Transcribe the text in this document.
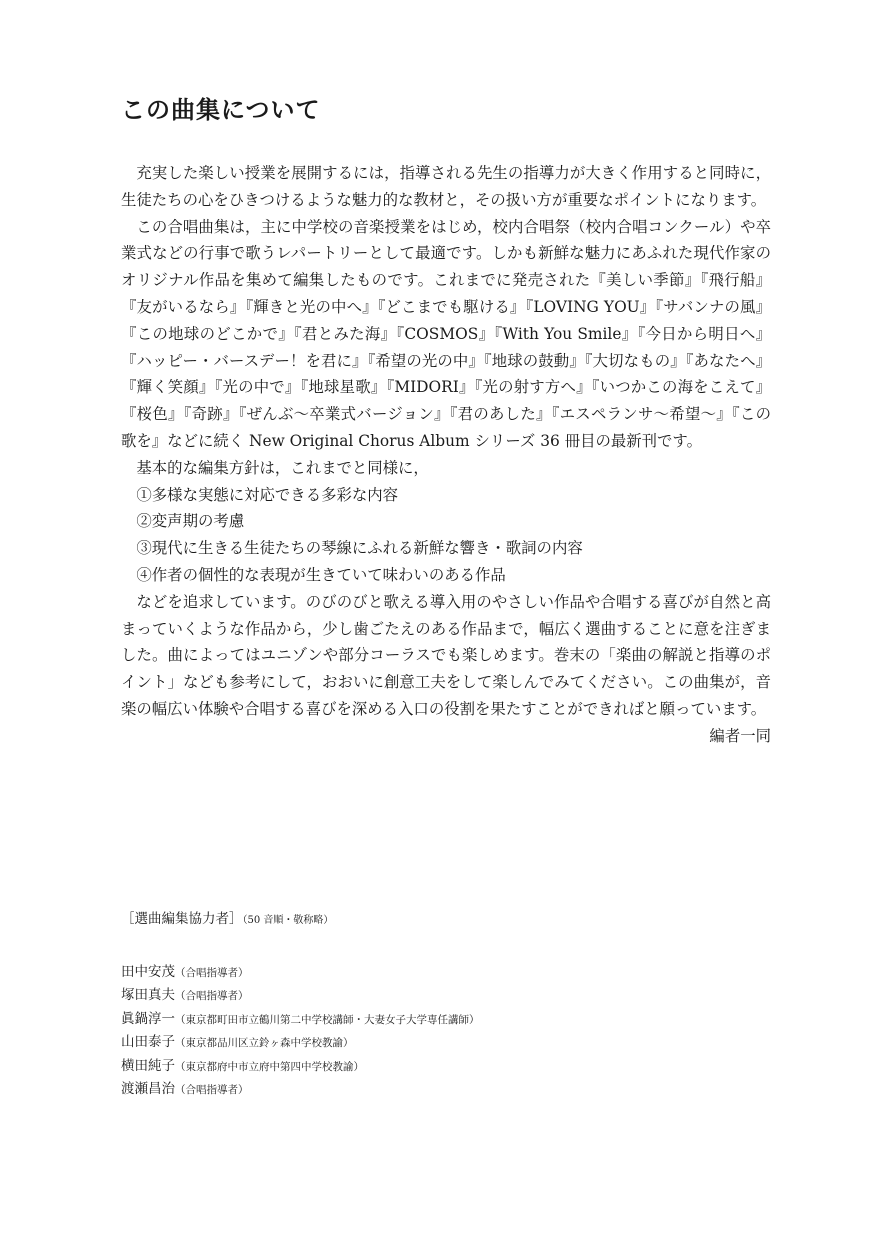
この曲集について

充実した楽しい授業を展開するには，指導される先生の指導力が大きく作用すると同時に，生徒たちの心をひきつけるような魅力的な教材と，その扱い方が重要なポイントになります。

この合唱曲集は，主に中学校の音楽授業をはじめ，校内合唱祭（校内合唱コンクール）や卒業式などの行事で歌うレパートリーとして最適です。しかも新鮮な魅力にあふれた現代作家のオリジナル作品を集めて編集したものです。これまでに発売された『美しい季節』『飛行船』『友がいるなら』『輝きと光の中へ』『どこまでも駆ける』『LOVING YOU』『サバンナの風』『この地球のどこかで』『君とみた海』『COSMOS』『With You Smile』『今日から明日へ』『ハッピー・バースデー！を君に』『希望の光の中』『地球の鼓動』『大切なもの』『あなたへ』『輝く笑顔』『光の中で』『地球星歌』『MIDORI』『光の射す方へ』『いつかこの海をこえて』『桜色』『奇跡』『ぜんぶ～卒業式バージョン』『君のあした』『エスペランサ～希望～』『この歌を』などに続く New Original Chorus Album シリーズ 36 冊目の最新刊です。

基本的な編集方針は，これまでと同様に，

①多様な実態に対応できる多彩な内容

②変声期の考慮

③現代に生きる生徒たちの琴線にふれる新鮮な響き・歌詞の内容

④作者の個性的な表現が生きていて味わいのある作品

などを追求しています。のびのびと歌える導入用のやさしい作品や合唱する喜びが自然と高まっていくような作品から，少し歯ごたえのある作品まで，幅広く選曲することに意を注ぎました。曲によってはユニゾンや部分コーラスでも楽しめます。巻末の「楽曲の解説と指導のポイント」なども参考にして，おおいに創意工夫をして楽しんでみてください。この曲集が，音楽の幅広い体験や合唱する喜びを深める入口の役割を果たすことができればと願っています。

編者一同

［選曲編集協力者］（50 音順・敬称略）
田中安茂（合唱指導者）
塚田真夫（合唱指導者）
眞鍋淳一（東京都町田市立鶴川第二中学校講師・大妻女子大学専任講師）
山田泰子（東京都品川区立鈴ヶ森中学校教諭）
横田純子（東京都府中市立府中第四中学校教諭）
渡瀬昌治（合唱指導者）
